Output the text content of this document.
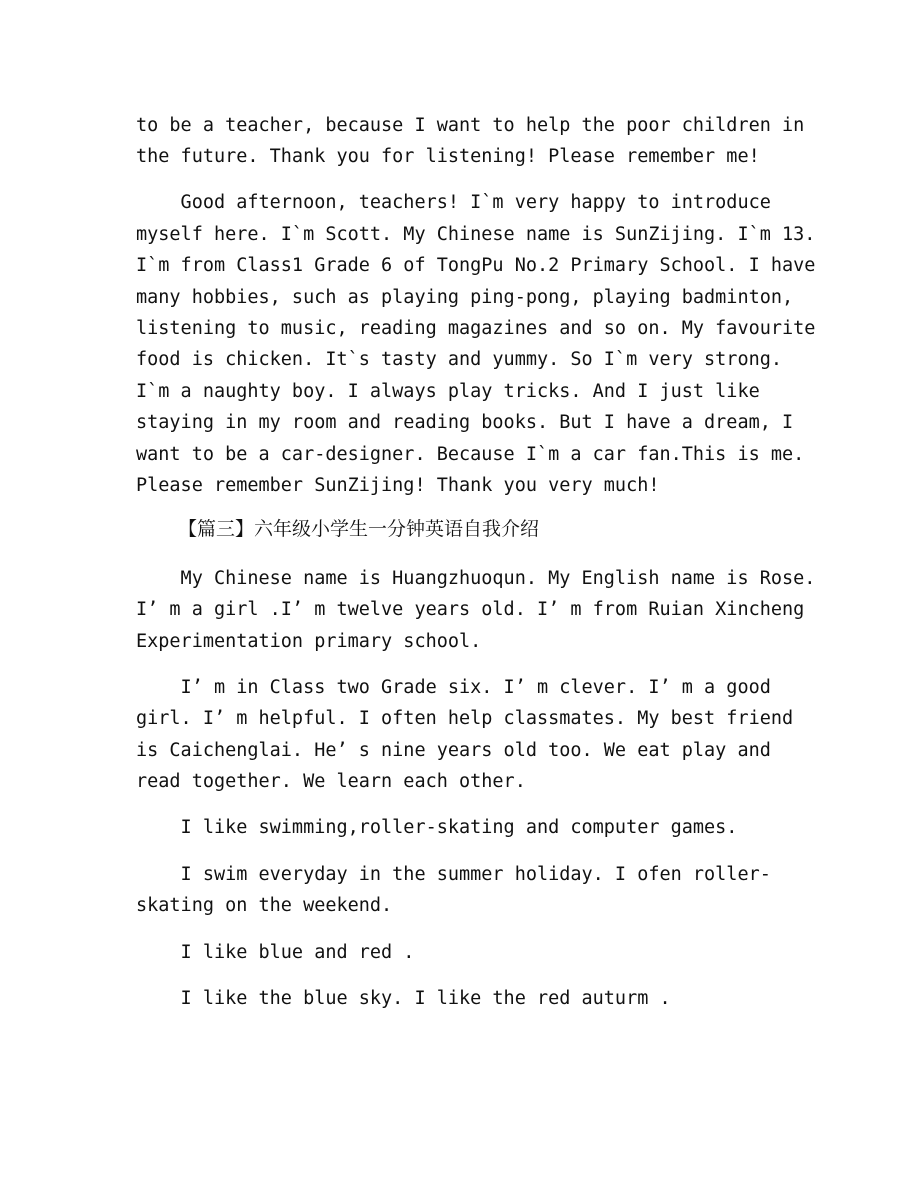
to be a teacher, because I want to help the poor children in
the future. Thank you for listening! Please remember me!
Good afternoon, teachers! I`m very happy to introduce
myself here. I`m Scott. My Chinese name is SunZijing. I`m 13.
I`m from Class1 Grade 6 of TongPu No.2 Primary School. I have
many hobbies, such as playing ping-pong, playing badminton,
listening to music, reading magazines and so on. My favourite
food is chicken. It`s tasty and yummy. So I`m very strong.
I`m a naughty boy. I always play tricks. And I just like
staying in my room and reading books. But I have a dream, I
want to be a car-designer. Because I`m a car fan.This is me.
Please remember SunZijing! Thank you very much!
【篇三】六年级小学生一分钟英语自我介绍
My Chinese name is Huangzhuoqun. My English name is Rose.
I’ m a girl .I’ m twelve years old. I’ m from Ruian Xincheng
Experimentation primary school.
I’ m in Class two Grade six. I’ m clever. I’ m a good
girl. I’ m helpful. I often help classmates. My best friend
is Caichenglai. He’ s nine years old too. We eat play and
read together. We learn each other.
I like swimming,roller-skating and computer games.
I swim everyday in the summer holiday. I ofen roller-
skating on the weekend.
I like blue and red .
I like the blue sky. I like the red auturm .
